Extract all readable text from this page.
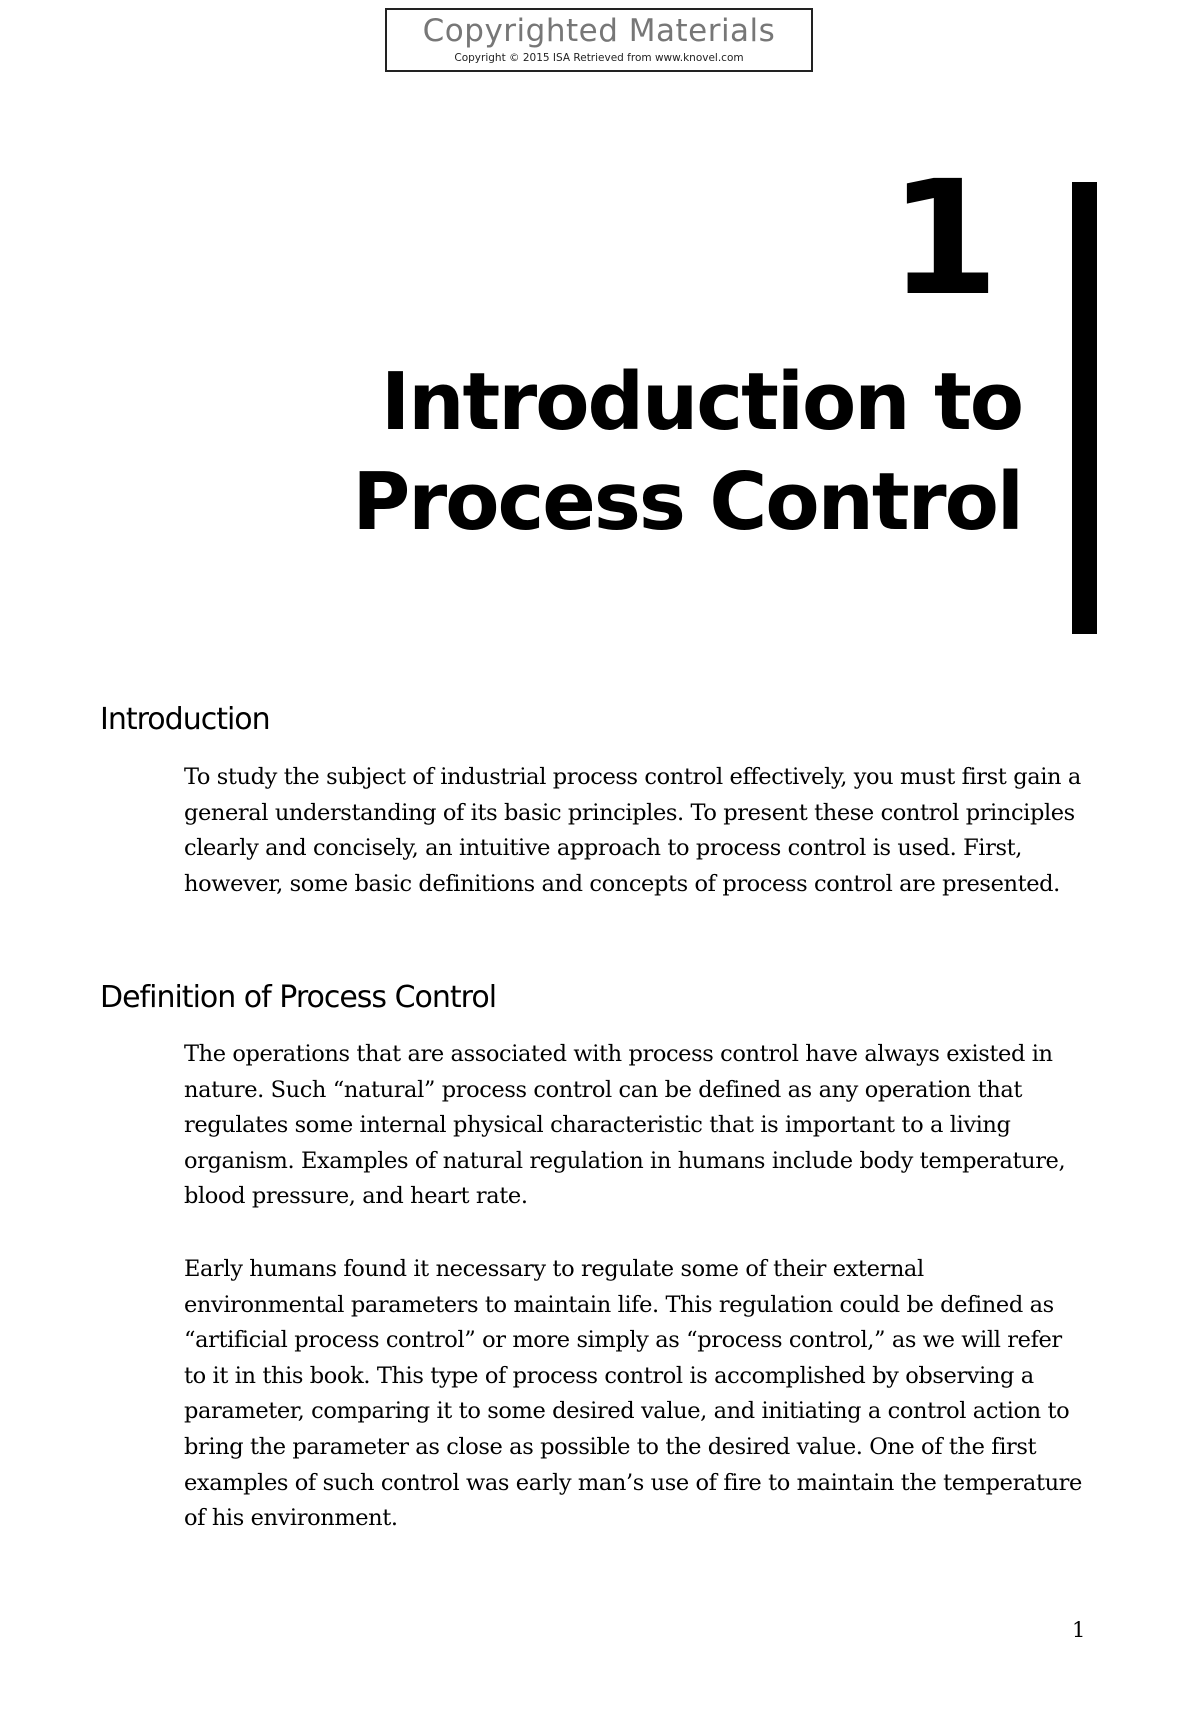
Copyrighted Materials
Copyright © 2015 ISA Retrieved from www.knovel.com
1
Introduction to
Process Control
Introduction

To study the subject of industrial process control effectively, you must first gain a general understanding of its basic principles. To present these control principles clearly and concisely, an intuitive approach to process control is used. First, however, some basic definitions and concepts of process control are presented.

Definition of Process Control

The operations that are associated with process control have always existed in nature. Such “natural” process control can be defined as any operation that regulates some internal physical characteristic that is important to a living organism. Examples of natural regulation in humans include body temperature, blood pressure, and heart rate.

Early humans found it necessary to regulate some of their external environmental parameters to maintain life. This regulation could be defined as “artificial process control” or more simply as “process control,” as we will refer to it in this book. This type of process control is accomplished by observing a parameter, comparing it to some desired value, and initiating a control action to bring the parameter as close as possible to the desired value. One of the first examples of such control was early man’s use of fire to maintain the temperature of his environment.

1
